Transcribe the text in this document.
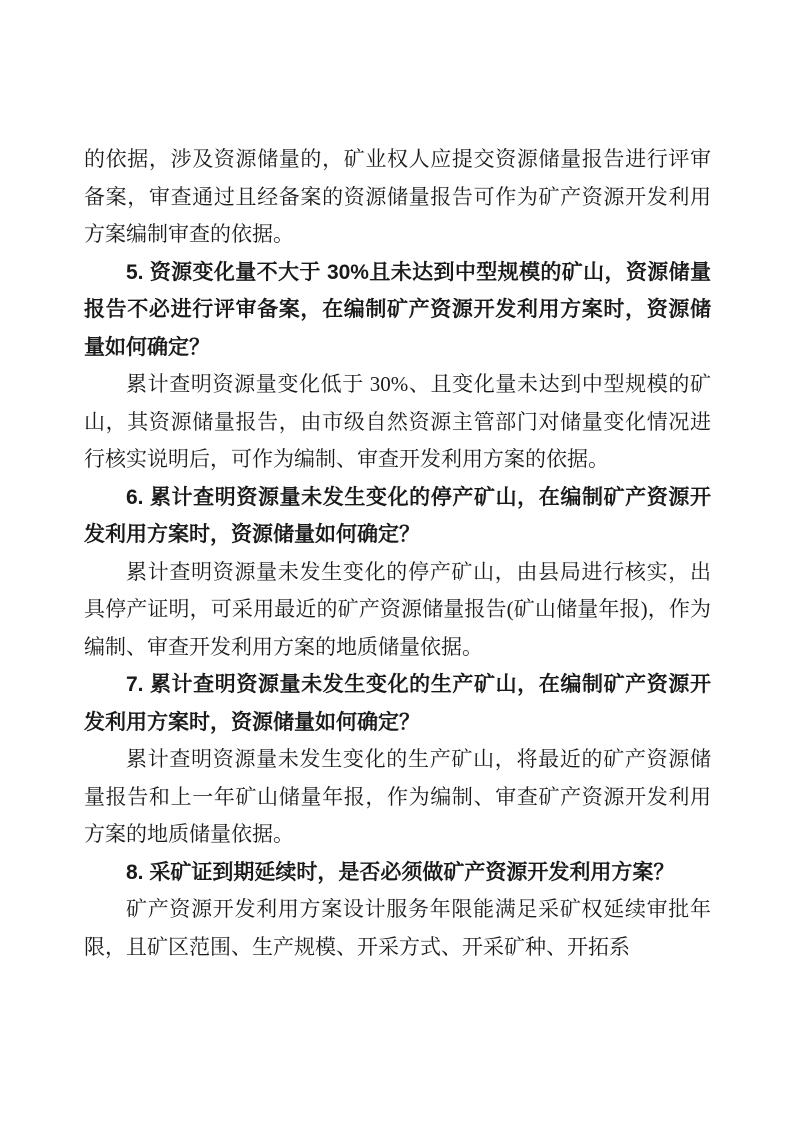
的依据，涉及资源储量的，矿业权人应提交资源储量报告进行评审备案，审查通过且经备案的资源储量报告可作为矿产资源开发利用方案编制审查的依据。

5. 资源变化量不大于 30%且未达到中型规模的矿山，资源储量报告不必进行评审备案，在编制矿产资源开发利用方案时，资源储量如何确定？

累计查明资源量变化低于 30%、且变化量未达到中型规模的矿山，其资源储量报告，由市级自然资源主管部门对储量变化情况进行核实说明后，可作为编制、审查开发利用方案的依据。

6. 累计查明资源量未发生变化的停产矿山，在编制矿产资源开发利用方案时，资源储量如何确定？

累计查明资源量未发生变化的停产矿山，由县局进行核实，出具停产证明，可采用最近的矿产资源储量报告(矿山储量年报)，作为编制、审查开发利用方案的地质储量依据。

7. 累计查明资源量未发生变化的生产矿山，在编制矿产资源开发利用方案时，资源储量如何确定？

累计查明资源量未发生变化的生产矿山，将最近的矿产资源储量报告和上一年矿山储量年报，作为编制、审查矿产资源开发利用方案的地质储量依据。

8. 采矿证到期延续时，是否必须做矿产资源开发利用方案？

矿产资源开发利用方案设计服务年限能满足采矿权延续审批年限，且矿区范围、生产规模、开采方式、开采矿种、开拓系
